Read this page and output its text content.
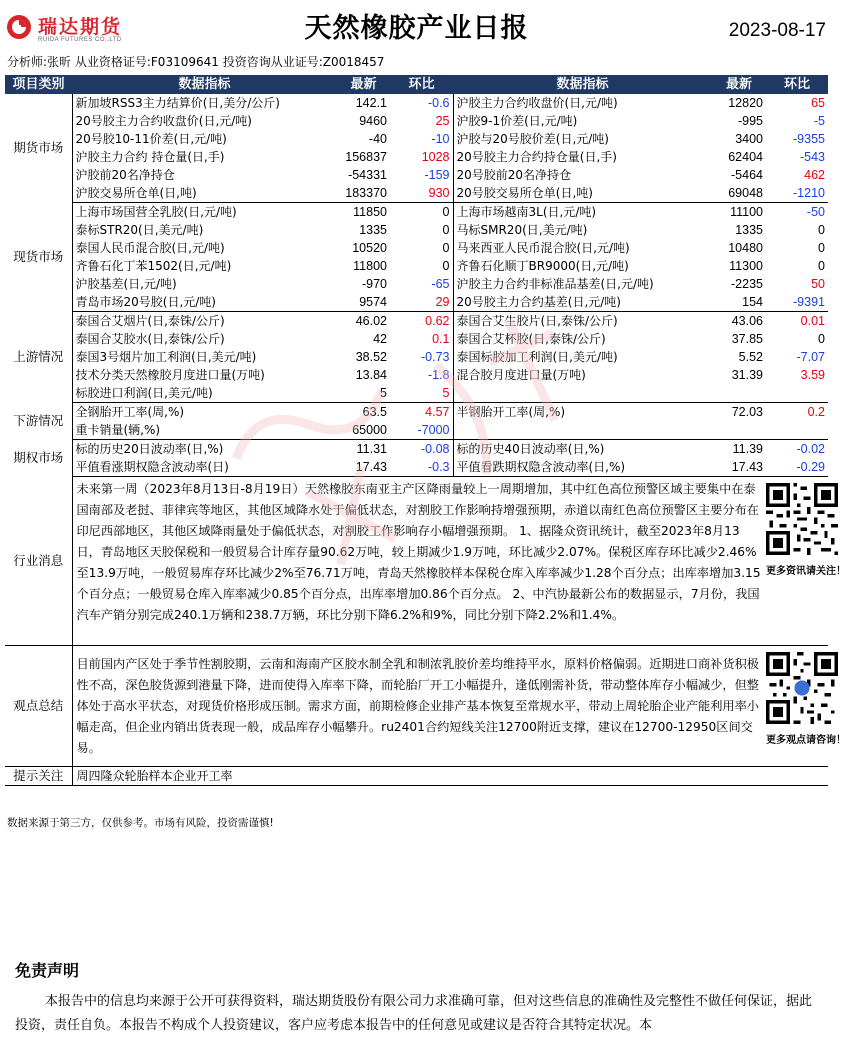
瑞达期货
RUIDA FUTURES CO.,LTD	天然橡胶产业日报	2023-08-17
分析师:张昕 从业资格证号:F03109641 投资咨询从业证号:Z0018457
项目类别	数据指标	最新	环比	数据指标	最新	环比
期货市场	新加坡RSS3主力结算价(日,美分/公斤)	142.1	-0.6	沪胶主力合约收盘价(日,元/吨)	12820	65
	20号胶主力合约收盘价(日,元/吨)	9460	25	沪胶9-1价差(日,元/吨)	-995	-5
	20号胶10-11价差(日,元/吨)	-40	-10	沪胶与20号胶价差(日,元/吨)	3400	-9355
	沪胶主力合约 持仓量(日,手)	156837	1028	20号胶主力合约持仓量(日,手)	62404	-543
	沪胶前20名净持仓	-54331	-159	20号胶前20名净持仓	-5464	462
	沪胶交易所仓单(日,吨)	183370	930	20号胶交易所仓单(日,吨)	69048	-1210
现货市场	上海市场国营全乳胶(日,元/吨)	11850	0	上海市场越南3L(日,元/吨)	11100	-50
	泰标STR20(日,美元/吨)	1335	0	马标SMR20(日,美元/吨)	1335	0
	泰国人民币混合胶(日,元/吨)	10520	0	马来西亚人民币混合胶(日,元/吨)	10480	0
	齐鲁石化丁苯1502(日,元/吨)	11800	0	齐鲁石化顺丁BR9000(日,元/吨)	11300	0
	沪胶基差(日,元/吨)	-970	-65	沪胶主力合约非标准品基差(日,元/吨)	-2235	50
	青岛市场20号胶(日,元/吨)	9574	29	20号胶主力合约基差(日,元/吨)	154	-9391
上游情况	泰国合艾烟片(日,泰铢/公斤)	46.02	0.62	泰国合艾生胶片(日,泰铢/公斤)	43.06	0.01
	泰国合艾胶水(日,泰铢/公斤)	42	0.1	泰国合艾杯胶(日,泰铢/公斤)	37.85	0
	泰国3号烟片加工利润(日,美元/吨)	38.52	-0.73	泰国标胶加工利润(日,美元/吨)	5.52	-7.07
	技术分类天然橡胶月度进口量(万吨)	13.84	-1.8	混合胶月度进口量(万吨)	31.39	3.59
	标胶进口利润(日,美元/吨)	5	5			
下游情况	全钢胎开工率(周,%)	63.5	4.57	半钢胎开工率(周,%)	72.03	0.2
	重卡销量(辆,%)	65000	-7000			
期权市场	标的历史20日波动率(日,%)	11.31	-0.08	标的历史40日波动率(日,%)	11.39	-0.02
	平值看涨期权隐含波动率(日)	17.43	-0.3	平值看跌期权隐含波动率(日,%)	17.43	-0.29
行业消息	未来第一周（2023年8月13日-8月19日）天然橡胶东南亚主产区降雨量较上一周期增加，其中红色高位预警区域主要集中在泰国南部及老挝、菲律宾等地区，其他区域降水处于偏低状态，对割胶工作影响持增强预期，赤道以南红色高位预警区主要分布在印尼西部地区，其他区域降雨量处于偏低状态，对割胶工作影响存小幅增强预期。 1、据隆众资讯统计，截至2023年8月13日，青岛地区天胶保税和一般贸易合计库存量90.62万吨，较上期减少1.9万吨，环比减少2.07%。保税区库存环比减少2.46%至13.9万吨，一般贸易库存环比减少2%至76.71万吨，青岛天然橡胶样本保税仓库入库率减少1.28个百分点；出库率增加3.15个百分点；一般贸易仓库入库率减少0.85个百分点，出库率增加0.86个百分点。 2、中汽协最新公布的数据显示，7月份，我国汽车产销分别完成240.1万辆和238.7万辆，环比分别下降6.2%和9%，同比分别下降2.2%和1.4%。					更多资讯请关注！

观点总结	目前国内产区处于季节性割胶期，云南和海南产区胶水制全乳和制浓乳胶价差均维持平水，原料价格偏弱。近期进口商补货积极性不高，深色胶货源到港量下降，进而使得入库率下降，而轮胎厂开工小幅提升，逢低刚需补货，带动整体库存小幅减少，但整体处于高水平状态，对现货价格形成压制。需求方面，前期检修企业排产基本恢复至常规水平，带动上周轮胎企业产能利用率小幅走高，但企业内销出货表现一般，成品库存小幅攀升。ru2401合约短线关注12700附近支撑，建议在12700-12950区间交易。					更多观点请咨询！

提示关注	周四隆众轮胎样本企业开工率					
数据来源于第三方，仅供参考。市场有风险，投资需谨慎!
免责声明
本报告中的信息均来源于公开可获得资料，瑞达期货股份有限公司力求准确可靠，但对这些信息的准确性及完整性不做任何保证，据此投资，责任自负。本报告不构成个人投资建议，客户应考虑本报告中的任何意见或建议是否符合其特定状况。本
